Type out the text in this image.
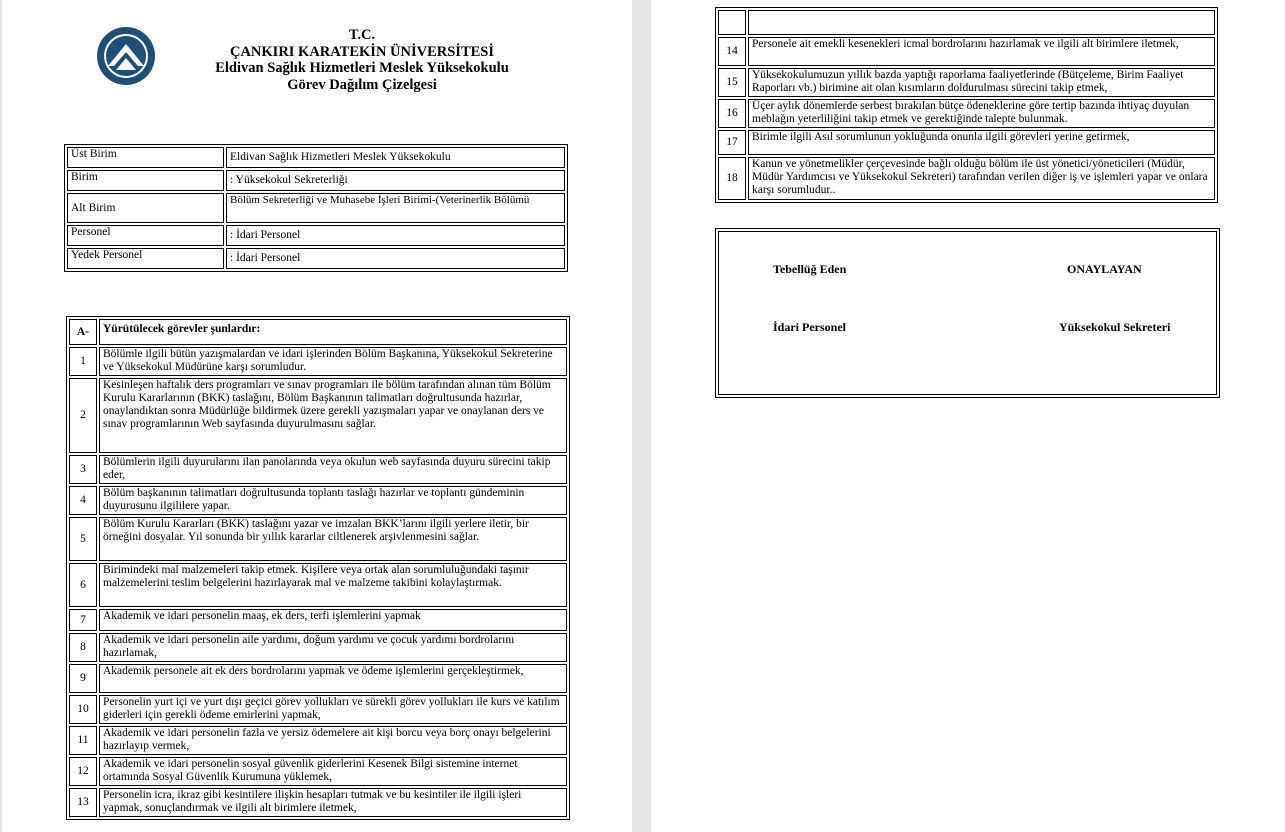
T.C.
ÇANKIRI KARATEKİN ÜNİVERSİTESİ
Eldivan Sağlık Hizmetleri Meslek Yüksekokulu
Görev Dağılım Çizelgesi
Üst Birim	Eldivan Sağlık Hizmetleri Meslek Yüksekokulu
Birim	: Yüksekokul Sekreterliği
Alt Birim	Bölüm Sekreterliği ve Muhasebe İşleri Birimi-(Veterinerlik Bölümü
Personel	: İdari Personel
Yedek Personel	: İdari Personel
A-	Yürütülecek görevler şunlardır:
1	Bölümle ilgili bütün yazışmalardan ve idari işlerinden Bölüm Başkanına, Yüksekokul Sekreterine ve Yüksekokul Müdürüne karşı sorumludur.
2	Kesinleşen haftalık ders programları ve sınav programları ile bölüm tarafından alınan tüm Bölüm Kurulu Kararlarının (BKK) taslağını, Bölüm Başkanının talimatları doğrultusunda hazırlar, onaylandıktan sonra Müdürlüğe bildirmek üzere gerekli yazışmaları yapar ve onaylanan ders ve sınav programlarının Web sayfasında duyurulmasını sağlar.
3	Bölümlerin ilgili duyurularını ilan panolarında veya okulun web sayfasında duyuru sürecini takip eder,
4	Bölüm başkanının talimatları doğrultusunda toplantı taslağı hazırlar ve toplantı gündeminin duyurusunu ilgililere yapar.
5	Bölüm Kurulu Kararları (BKK) taslağını yazar ve imzalan BKK’larını ilgili yerlere iletir, bir örneğini dosyalar. Yıl sonunda bir yıllık kararlar ciltlenerek arşivlenmesini sağlar.
6	Birimindeki mal malzemeleri takip etmek. Kişilere veya ortak alan sorumluluğundaki taşınır malzemelerini teslim belgelerini hazırlayarak mal ve malzeme takibini kolaylaştırmak.
7	Akademik ve idari personelin maaş, ek ders, terfi işlemlerini yapmak
8	Akademik ve idari personelin aile yardımı, doğum yardımı ve çocuk yardımı bordrolarını hazırlamak,
9	Akademik personele ait ek ders bordrolarını yapmak ve ödeme işlemlerini gerçekleştirmek,
10	Personelin yurt içi ve yurt dışı geçici görev yollukları ve sürekli görev yollukları ile kurs ve katılım giderleri için gerekli ödeme emirlerini yapmak,
11	Akademik ve idari personelin fazla ve yersiz ödemelere ait kişi borcu veya borç onayı belgelerini hazırlayıp vermek,
12	Akademik ve idari personelin sosyal güvenlik giderlerini Kesenek Bilgi sistemine internet ortamında Sosyal Güvenlik Kurumuna yüklemek,
13	Personelin icra, ikraz gibi kesintilere ilişkin hesapları tutmak ve bu kesintiler ile ilgili işleri yapmak, sonuçlandırmak ve ilgili alt birimlere iletmek,

14	Personele ait emekli kesenekleri icmal bordrolarını hazırlamak ve ilgili alt birimlere iletmek,
15	Yüksekokulumuzun yıllık bazda yaptığı raporlama faaliyetlerinde (Bütçeleme, Birim Faaliyet Raporları vb.) birimine ait olan kısımların doldurulması sürecini takip etmek,
16	Üçer aylık dönemlerde serbest bırakılan bütçe ödeneklerine göre tertip bazında ihtiyaç duyulan meblağın yeterliliğini takip etmek ve gerektiğinde talepte bulunmak.
17	Birimle ilgili Asıl sorumlunun yokluğunda onunla ilgili görevleri yerine getirmek,
18	Kanun ve yönetmelikler çerçevesinde bağlı olduğu bölüm ile üst yönetici/yöneticileri (Müdür, Müdür Yardımcısı ve Yüksekokul Sekreteri) tarafından verilen diğer iş ve işlemleri yapar ve onlara karşı sorumludur..
Tebellüğ Eden	ONAYLAYAN
İdari Personel	Yüksekokul Sekreteri
